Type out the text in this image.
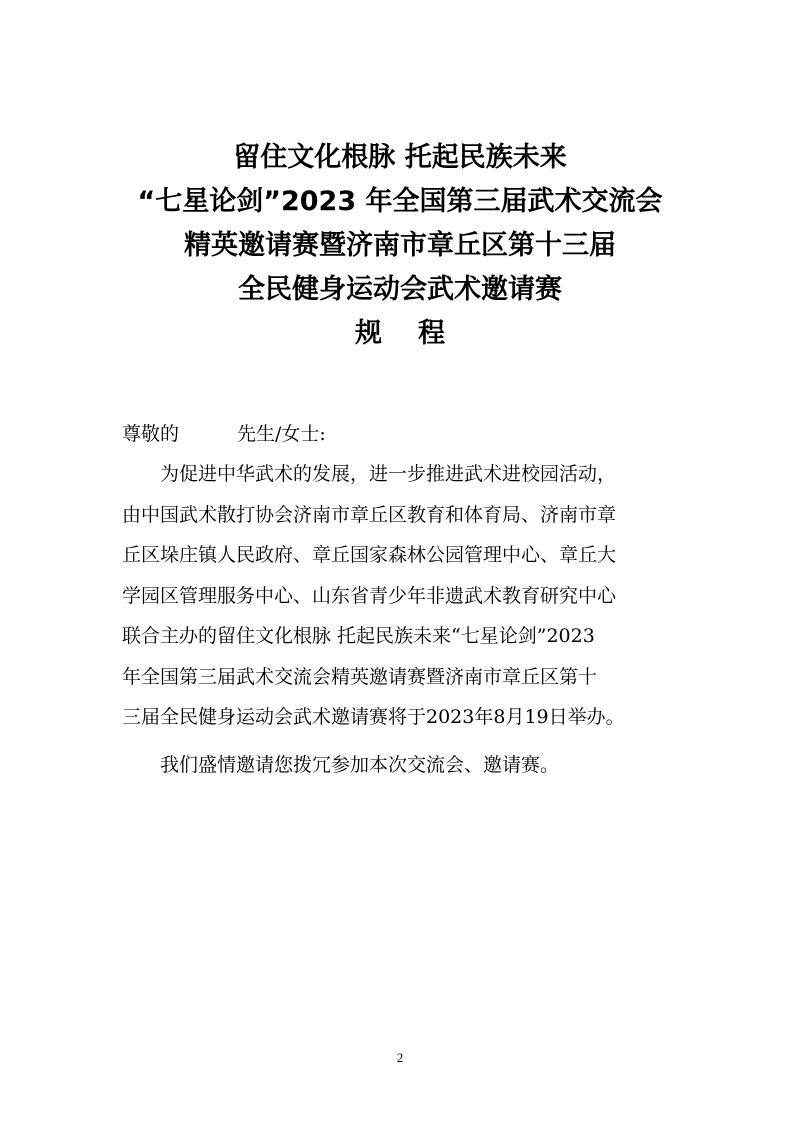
留住文化根脉 托起民族未来
“七星论剑”2023 年全国第三届武术交流会
精英邀请赛暨济南市章丘区第十三届
全民健身运动会武术邀请赛
规程
尊敬的	先生/女士:
为促进中华武术的发展，进一步推进武术进校园活动，
由中国武术散打协会济南市章丘区教育和体育局、济南市章
丘区垛庄镇人民政府、章丘国家森林公园管理中心、章丘大
学园区管理服务中心、山东省青少年非遗武术教育研究中心
联合主办的留住文化根脉 托起民族未来“七星论剑”2023
年全国第三届武术交流会精英邀请赛暨济南市章丘区第十
三届全民健身运动会武术邀请赛将于2023年8月19日举办。
我们盛情邀请您拨冗参加本次交流会、邀请赛。
2
